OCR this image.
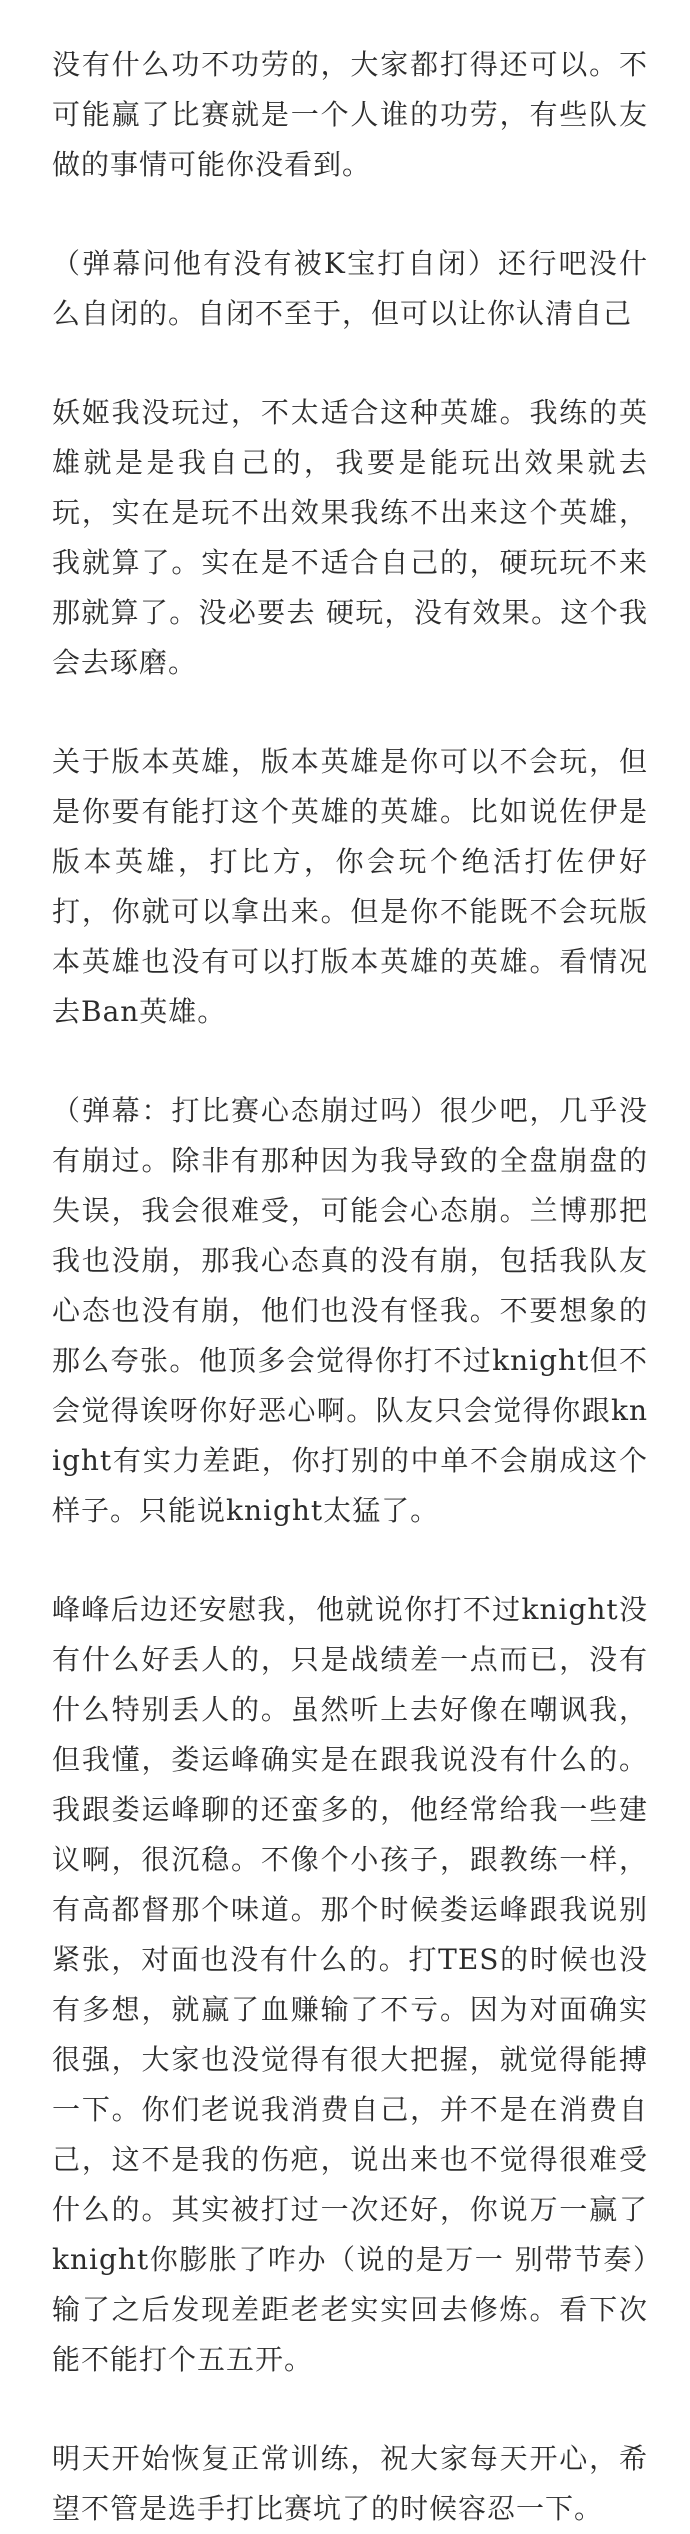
没有什么功不功劳的，大家都打得还可以。不可能赢了比赛就是一个人谁的功劳，有些队友做的事情可能你没看到。

（弹幕问他有没有被K宝打自闭）还行吧没什么自闭的。自闭不至于，但可以让你认清自己

妖姬我没玩过，不太适合这种英雄。我练的英雄就是是我自己的，我要是能玩出效果就去玩，实在是玩不出效果我练不出来这个英雄，我就算了。实在是不适合自己的，硬玩玩不来那就算了。没必要去 硬玩，没有效果。这个我会去琢磨。

关于版本英雄，版本英雄是你可以不会玩，但是你要有能打这个英雄的英雄。比如说佐伊是版本英雄，打比方，你会玩个绝活打佐伊好打，你就可以拿出来。但是你不能既不会玩版本英雄也没有可以打版本英雄的英雄。看情况去Ban英雄。

（弹幕：打比赛心态崩过吗）很少吧，几乎没有崩过。除非有那种因为我导致的全盘崩盘的失误，我会很难受，可能会心态崩。兰博那把我也没崩，那我心态真的没有崩，包括我队友心态也没有崩，他们也没有怪我。不要想象的那么夸张。他顶多会觉得你打不过knight但不会觉得诶呀你好恶心啊。队友只会觉得你跟knight有实力差距，你打别的中单不会崩成这个样子。只能说knight太猛了。

峰峰后边还安慰我，他就说你打不过knight没有什么好丢人的，只是战绩差一点而已，没有什么特别丢人的。虽然听上去好像在嘲讽我，但我懂，娄运峰确实是在跟我说没有什么的。我跟娄运峰聊的还蛮多的，他经常给我一些建议啊，很沉稳。不像个小孩子，跟教练一样，有高都督那个味道。那个时候娄运峰跟我说别紧张，对面也没有什么的。打TES的时候也没有多想，就赢了血赚输了不亏。因为对面确实很强，大家也没觉得有很大把握，就觉得能搏一下。你们老说我消费自己，并不是在消费自己，这不是我的伤疤，说出来也不觉得很难受什么的。其实被打过一次还好，你说万一赢了knight你膨胀了咋办（说的是万一 别带节奏）输了之后发现差距老老实实回去修炼。看下次能不能打个五五开。

明天开始恢复正常训练，祝大家每天开心，希望不管是选手打比赛坑了的时候容忍一下。
